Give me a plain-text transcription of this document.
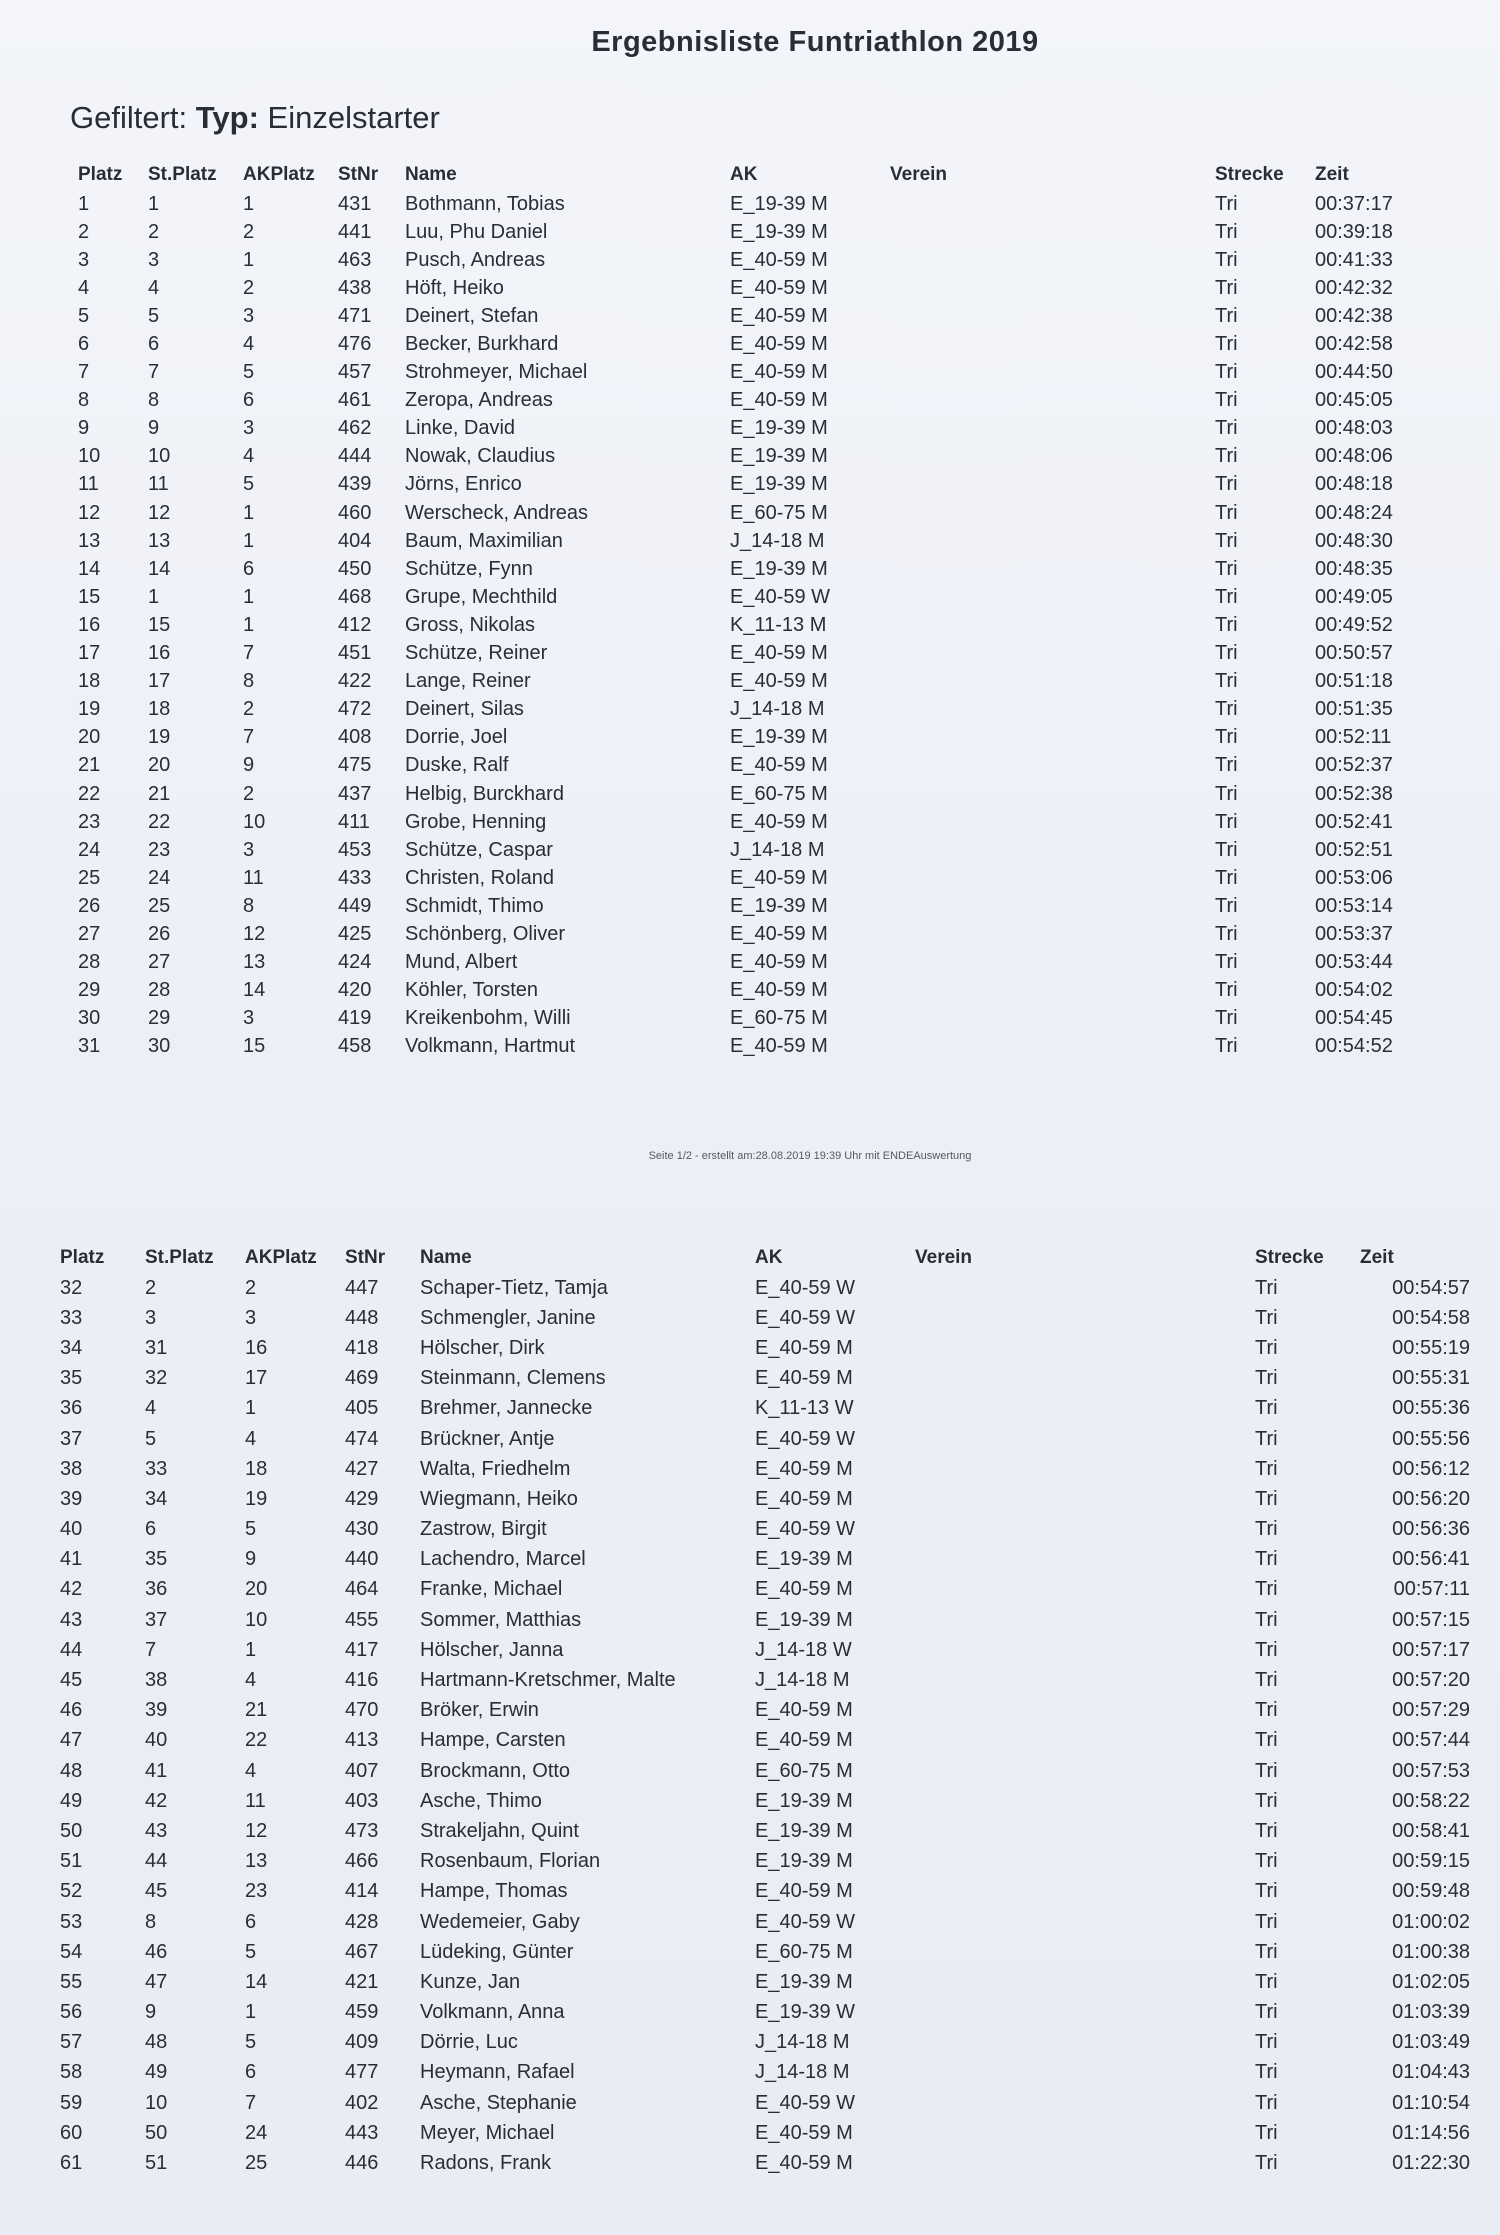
Ergebnisliste Funtriathlon 2019
Gefiltert: Typ: Einzelstarter
Platz	St.Platz	AKPlatz	StNr	Name	AK	Verein	Strecke	Zeit
1	1	1	431	Bothmann, Tobias	E_19-39 M		Tri	00:37:17
2	2	2	441	Luu, Phu Daniel	E_19-39 M		Tri	00:39:18
3	3	1	463	Pusch, Andreas	E_40-59 M		Tri	00:41:33
4	4	2	438	Höft, Heiko	E_40-59 M		Tri	00:42:32
5	5	3	471	Deinert, Stefan	E_40-59 M		Tri	00:42:38
6	6	4	476	Becker, Burkhard	E_40-59 M		Tri	00:42:58
7	7	5	457	Strohmeyer, Michael	E_40-59 M		Tri	00:44:50
8	8	6	461	Zeropa, Andreas	E_40-59 M		Tri	00:45:05
9	9	3	462	Linke, David	E_19-39 M		Tri	00:48:03
10	10	4	444	Nowak, Claudius	E_19-39 M		Tri	00:48:06
11	11	5	439	Jörns, Enrico	E_19-39 M		Tri	00:48:18
12	12	1	460	Werscheck, Andreas	E_60-75 M		Tri	00:48:24
13	13	1	404	Baum, Maximilian	J_14-18 M		Tri	00:48:30
14	14	6	450	Schütze, Fynn	E_19-39 M		Tri	00:48:35
15	1	1	468	Grupe, Mechthild	E_40-59 W		Tri	00:49:05
16	15	1	412	Gross, Nikolas	K_11-13 M		Tri	00:49:52
17	16	7	451	Schütze, Reiner	E_40-59 M		Tri	00:50:57
18	17	8	422	Lange, Reiner	E_40-59 M		Tri	00:51:18
19	18	2	472	Deinert, Silas	J_14-18 M		Tri	00:51:35
20	19	7	408	Dorrie, Joel	E_19-39 M		Tri	00:52:11
21	20	9	475	Duske, Ralf	E_40-59 M		Tri	00:52:37
22	21	2	437	Helbig, Burckhard	E_60-75 M		Tri	00:52:38
23	22	10	411	Grobe, Henning	E_40-59 M		Tri	00:52:41
24	23	3	453	Schütze, Caspar	J_14-18 M		Tri	00:52:51
25	24	11	433	Christen, Roland	E_40-59 M		Tri	00:53:06
26	25	8	449	Schmidt, Thimo	E_19-39 M		Tri	00:53:14
27	26	12	425	Schönberg, Oliver	E_40-59 M		Tri	00:53:37
28	27	13	424	Mund, Albert	E_40-59 M		Tri	00:53:44
29	28	14	420	Köhler, Torsten	E_40-59 M		Tri	00:54:02
30	29	3	419	Kreikenbohm, Willi	E_60-75 M		Tri	00:54:45
31	30	15	458	Volkmann, Hartmut	E_40-59 M		Tri	00:54:52
Seite 1/2 - erstellt am:28.08.2019 19:39 Uhr mit ENDEAuswertung
Platz	St.Platz	AKPlatz	StNr	Name	AK	Verein	Strecke	Zeit
32	2	2	447	Schaper-Tietz, Tamja	E_40-59 W		Tri	00:54:57
33	3	3	448	Schmengler, Janine	E_40-59 W		Tri	00:54:58
34	31	16	418	Hölscher, Dirk	E_40-59 M		Tri	00:55:19
35	32	17	469	Steinmann, Clemens	E_40-59 M		Tri	00:55:31
36	4	1	405	Brehmer, Jannecke	K_11-13 W		Tri	00:55:36
37	5	4	474	Brückner, Antje	E_40-59 W		Tri	00:55:56
38	33	18	427	Walta, Friedhelm	E_40-59 M		Tri	00:56:12
39	34	19	429	Wiegmann, Heiko	E_40-59 M		Tri	00:56:20
40	6	5	430	Zastrow, Birgit	E_40-59 W		Tri	00:56:36
41	35	9	440	Lachendro, Marcel	E_19-39 M		Tri	00:56:41
42	36	20	464	Franke, Michael	E_40-59 M		Tri	00:57:11
43	37	10	455	Sommer, Matthias	E_19-39 M		Tri	00:57:15
44	7	1	417	Hölscher, Janna	J_14-18 W		Tri	00:57:17
45	38	4	416	Hartmann-Kretschmer, Malte	J_14-18 M		Tri	00:57:20
46	39	21	470	Bröker, Erwin	E_40-59 M		Tri	00:57:29
47	40	22	413	Hampe, Carsten	E_40-59 M		Tri	00:57:44
48	41	4	407	Brockmann, Otto	E_60-75 M		Tri	00:57:53
49	42	11	403	Asche, Thimo	E_19-39 M		Tri	00:58:22
50	43	12	473	Strakeljahn, Quint	E_19-39 M		Tri	00:58:41
51	44	13	466	Rosenbaum, Florian	E_19-39 M		Tri	00:59:15
52	45	23	414	Hampe, Thomas	E_40-59 M		Tri	00:59:48
53	8	6	428	Wedemeier, Gaby	E_40-59 W		Tri	01:00:02
54	46	5	467	Lüdeking, Günter	E_60-75 M		Tri	01:00:38
55	47	14	421	Kunze, Jan	E_19-39 M		Tri	01:02:05
56	9	1	459	Volkmann, Anna	E_19-39 W		Tri	01:03:39
57	48	5	409	Dörrie, Luc	J_14-18 M		Tri	01:03:49
58	49	6	477	Heymann, Rafael	J_14-18 M		Tri	01:04:43
59	10	7	402	Asche, Stephanie	E_40-59 W		Tri	01:10:54
60	50	24	443	Meyer, Michael	E_40-59 M		Tri	01:14:56
61	51	25	446	Radons, Frank	E_40-59 M		Tri	01:22:30
